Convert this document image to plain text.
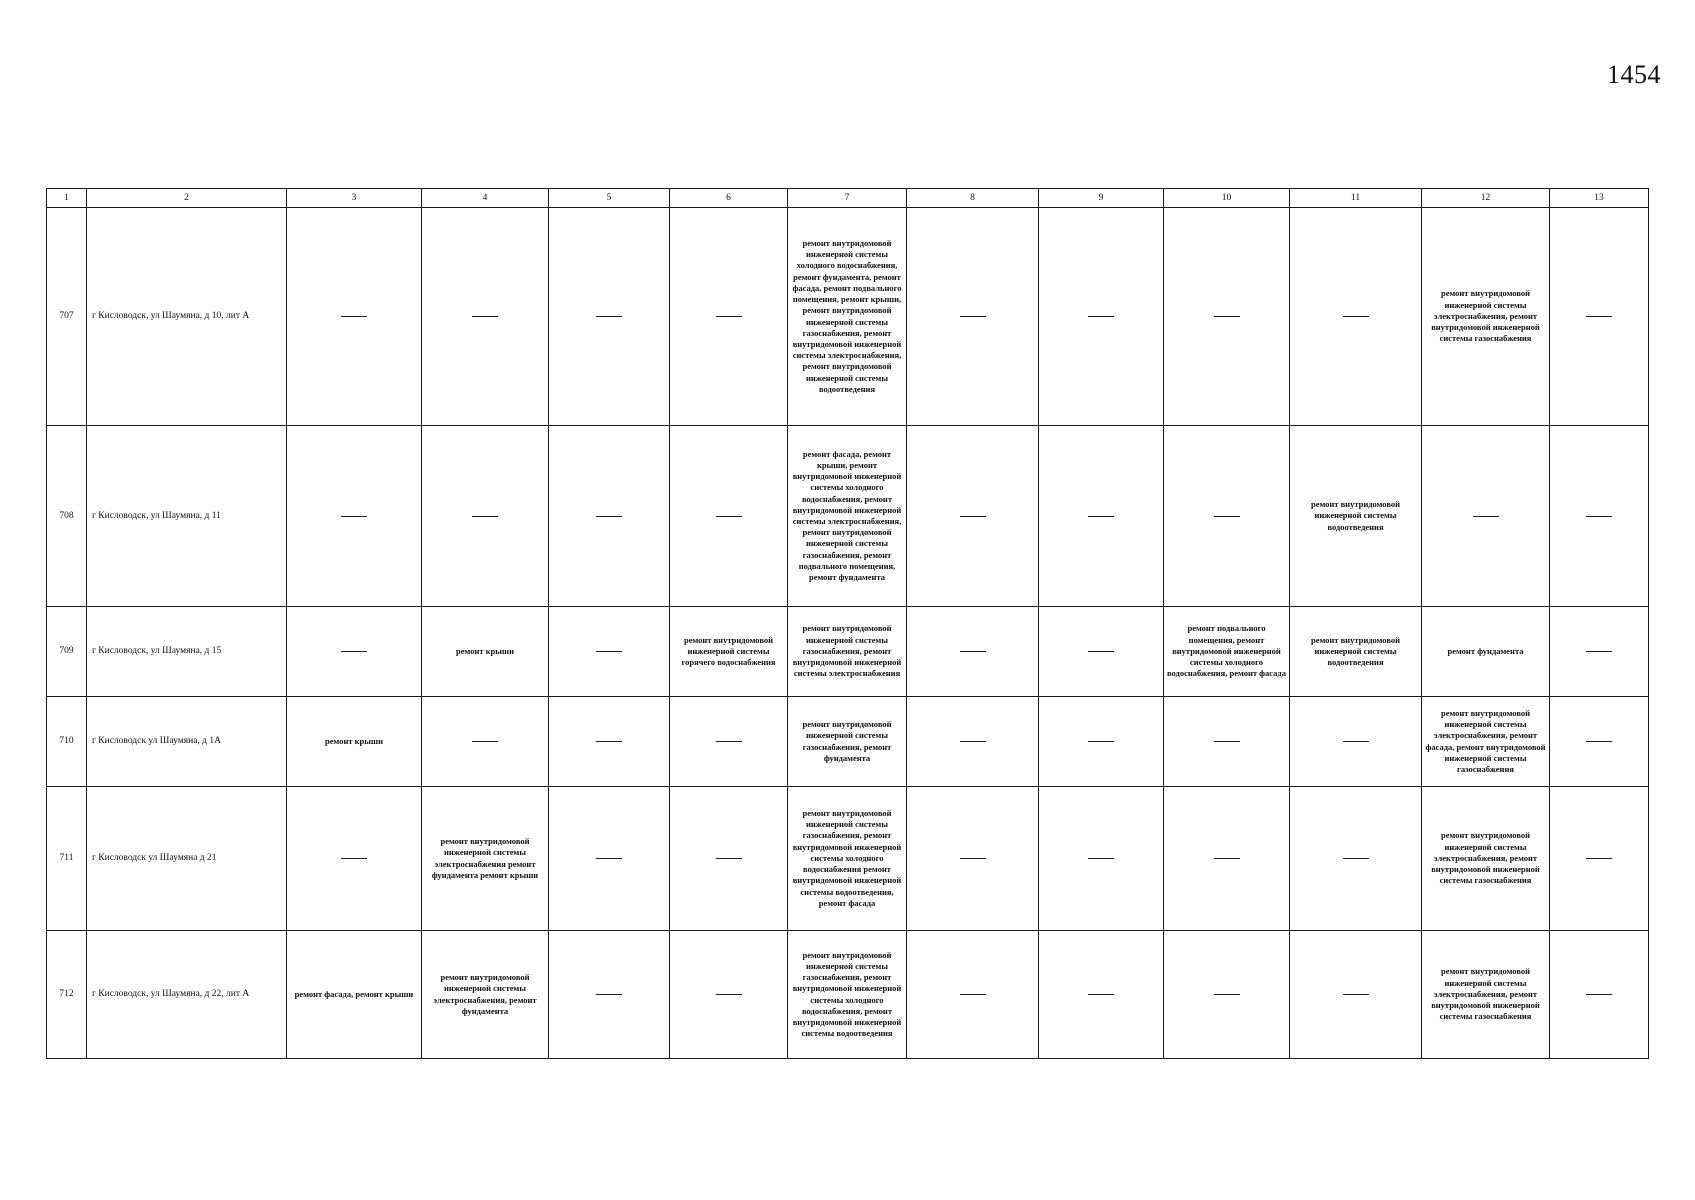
1454
1	2	3	4	5	6	7	8	9	10	11	12	13
707	г Кисловодск, ул Шаумяна, д 10, лит А					ремонт внутридомовой инженерной системы холодного водоснабжения, ремонт фундамента, ремонт фасада, ремонт подвального помещения, ремонт крыши, ремонт внутридомовой инженерной системы газоснабжения, ремонт внутридомовой инженерной системы электроснабжения, ремонт внутридомовой инженерной системы водоотведения					ремонт внутридомовой инженерной системы электроснабжения, ремонт внутридомовой инженерной системы газоснабжения	
708	г Кисловодск, ул Шаумяна, д 11					ремонт фасада, ремонт крыши, ремонт внутридомовой инженерной системы холодного водоснабжения, ремонт внутридомовой инженерной системы электроснабжения, ремонт внутридомовой инженерной системы газоснабжения, ремонт подвального помещения, ремонт фундамента				ремонт внутридомовой инженерной системы водоотведения		
709	г Кисловодск, ул Шаумяна, д 15		ремонт крыши		ремонт внутридомовой инженерной системы горячего водоснабжения	ремонт внутридомовой инженерной системы газоснабжения, ремонт внутридомовой инженерной системы электроснабжения			ремонт подвального помещения, ремонт внутридомовой инженерной системы холодного водоснабжения, ремонт фасада	ремонт внутридомовой инженерной системы водоотведения	ремонт фундамента	
710	г Кисловодск ул Шаумяна, д 1А	ремонт крыши				ремонт внутридомовой инженерной системы газоснабжения, ремонт фундамента					ремонт внутридомовой инженерной системы электроснабжения, ремонт фасада, ремонт внутридомовой инженерной системы газоснабжения	
711	г Кисловодск ул Шаумяна д 21		ремонт внутридомовой инженерной системы электроснабжения ремонт фундамента ремонт крыши			ремонт внутридомовой инженерной системы газоснабжения, ремонт внутридомовой инженерной системы холодного водоснабжения ремонт внутридомовой инженерной системы водоотведения, ремонт фасада					ремонт внутридомовой инженерной системы электроснабжения, ремонт внутридомовой инженерной системы газоснабжения	
712	г Кисловодск, ул Шаумяна, д 22, лит А	ремонт фасада, ремонт крыши	ремонт внутридомовой инженерной системы электроснабжения, ремонт фундамента			ремонт внутридомовой инженерной системы газоснабжения, ремонт внутридомовой инженерной системы холодного водоснабжения, ремонт внутридомовой инженерной системы водоотведения					ремонт внутридомовой инженерной системы электроснабжения, ремонт внутридомовой инженерной системы газоснабжения	
